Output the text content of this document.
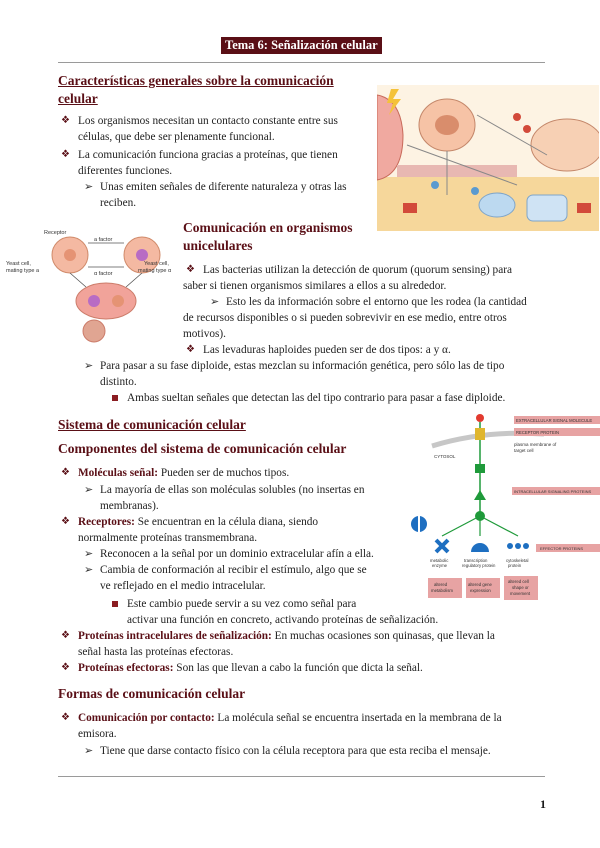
Tema 6: Señalización celular
Características generales sobre la comunicación
celular
❖ Los organismos necesitan un contacto constante entre sus
células, que debe ser plenamente funcional.
❖ La comunicación funciona gracias a proteínas, que tienen
diferentes funciones.
➢ Unas emiten señales de diferente naturaleza y otras las
reciben.
Receptor
a factor
α factor
Yeast cell,
mating type a
Yeast cell,
mating type α
Comunicación en organismos
unicelulares
❖ Las bacterias utilizan la detección de quorum (quorum sensing) para
saber si tienen organismos similares a ellos a su alrededor.
➢ Esto les da información sobre el entorno que les rodea (la cantidad
de recursos disponibles o si pueden sobrevivir en ese medio, entre otros
motivos).
❖ Las levaduras haploides pueden ser de dos tipos: a y α.
➢ Para pasar a su fase diploide, estas mezclan su información genética, pero sólo las de tipo
distinto.
Ambas sueltan señales que detectan las del tipo contrario para pasar a fase diploide.
Sistema de comunicación celular
Componentes del sistema de comunicación celular
❖ Moléculas señal: Pueden ser de muchos tipos.
➢ La mayoría de ellas son moléculas solubles (no insertas en
membranas).
❖ Receptores: Se encuentran en la célula diana, siendo
normalmente proteínas transmembrana.
➢ Reconocen a la señal por un dominio extracelular afín a ella.
➢ Cambia de conformación al recibir el estímulo, algo que se
ve reflejado en el medio intracelular.
Este cambio puede servir a su vez como señal para
activar una función en concreto, activando proteínas de señalización.
❖ Proteínas intracelulares de señalización: En muchas ocasiones son quinasas, que llevan la
señal hasta las proteínas efectoras.
❖ Proteínas efectoras: Son las que llevan a cabo la función que dicta la señal.
EXTRACELLULAR SIGNAL MOLECULE
RECEPTOR PROTEIN
plasma membrane of
target cell
CYTOSOL
INTRACELLULAR SIGNALING PROTEINS
EFFECTOR PROTEINS
metabolic
enzyme
transcription
regulatory protein
cytoskeletal
protein
altered
metabolism
altered gene
expression
altered cell
shape or
movement
Formas de comunicación celular
❖ Comunicación por contacto: La molécula señal se encuentra insertada en la membrana de la
emisora.
➢ Tiene que darse contacto físico con la célula receptora para que esta reciba el mensaje.
1
